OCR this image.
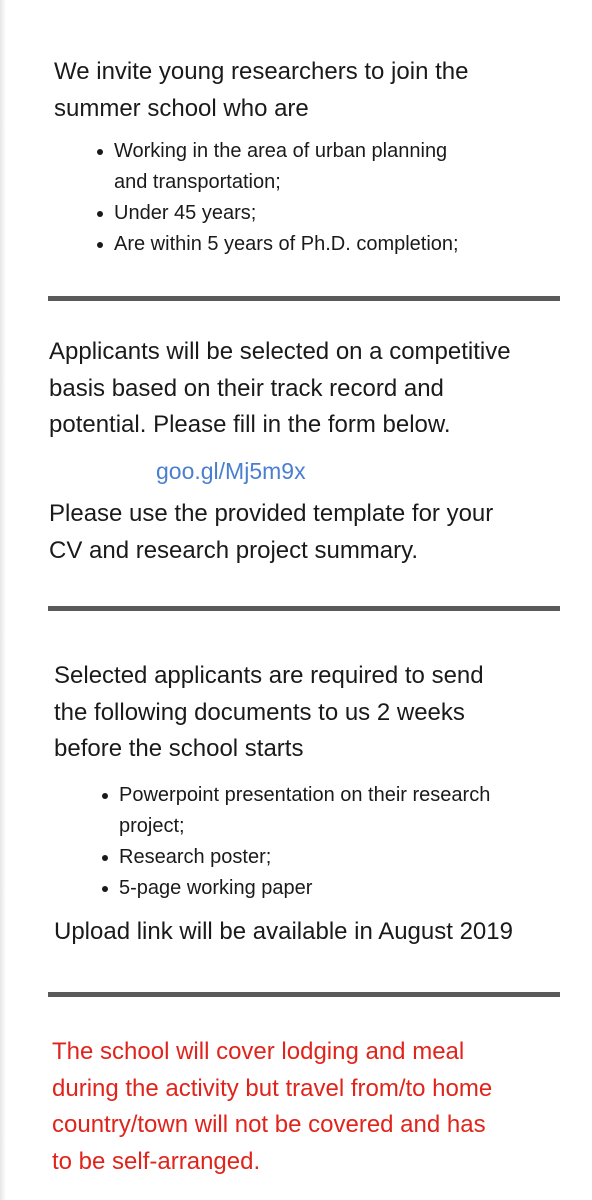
We invite young researchers to join the
summer school who are

Working in the area of urban planning
and transportation;
Under 45 years;
Are within 5 years of Ph.D. completion;

Applicants will be selected on a competitive
basis based on their track record and
potential. Please fill in the form below.

goo.gl/Mj5m9x

Please use the provided template for your
CV and research project summary.

Selected applicants are required to send
the following documents to us 2 weeks
before the school starts

Powerpoint presentation on their research
project;
Research poster;
5-page working paper

Upload link will be available in August 2019

The school will cover lodging and meal
during the activity but travel from/to home
country/town will not be covered and has
to be self-arranged.
